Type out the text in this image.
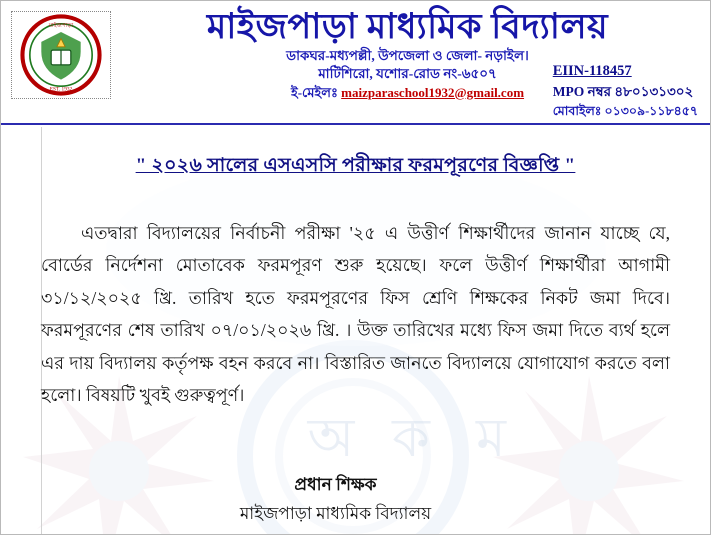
অ ক ম
মাইজপাড়া
EST. 1932
মাইজপাড়া মাধ্যমিক বিদ্যালয়
ডাকঘর-মধ্যপল্লী, উপজেলা ও জেলা- নড়াইল।
মাটিশিরো, যশোর-রোড নং-৬৫০৭
ই-মেইলঃ maizparaschool1932@gmail.com
EIIN-118457
MPO নম্বর ৪৮০১৩১৩০২
মোবাইলঃ ০১৩০৯-১১৮৪৫৭
" ২০২৬ সালের এসএসসি পরীক্ষার ফরমপূরণের বিজ্ঞপ্তি "
এতদ্বারা বিদ্যালয়ের নির্বাচনী পরীক্ষা '২৫ এ উত্তীর্ণ শিক্ষার্থীদের জানান যাচ্ছে যে, বোর্ডের নির্দেশনা মোতাবেক ফরমপূরণ শুরু হয়েছে। ফলে উত্তীর্ণ শিক্ষার্থীরা আগামী ৩১/১২/২০২৫ খ্রি. তারিখ হতে ফরমপূরণের ফিস শ্রেণি শিক্ষকের নিকট জমা দিবে। ফরমপূরণের শেষ তারিখ ০৭/০১/২০২৬ খ্রি. । উক্ত তারিখের মধ্যে ফিস জমা দিতে ব্যর্থ হলে এর দায় বিদ্যালয় কর্তৃপক্ষ বহন করবে না। বিস্তারিত জানতে বিদ্যালয়ে যোগাযোগ করতে বলা হলো। বিষয়টি খুবই গুরুত্বপূর্ণ।
প্রধান শিক্ষক
মাইজপাড়া মাধ্যমিক বিদ্যালয়
